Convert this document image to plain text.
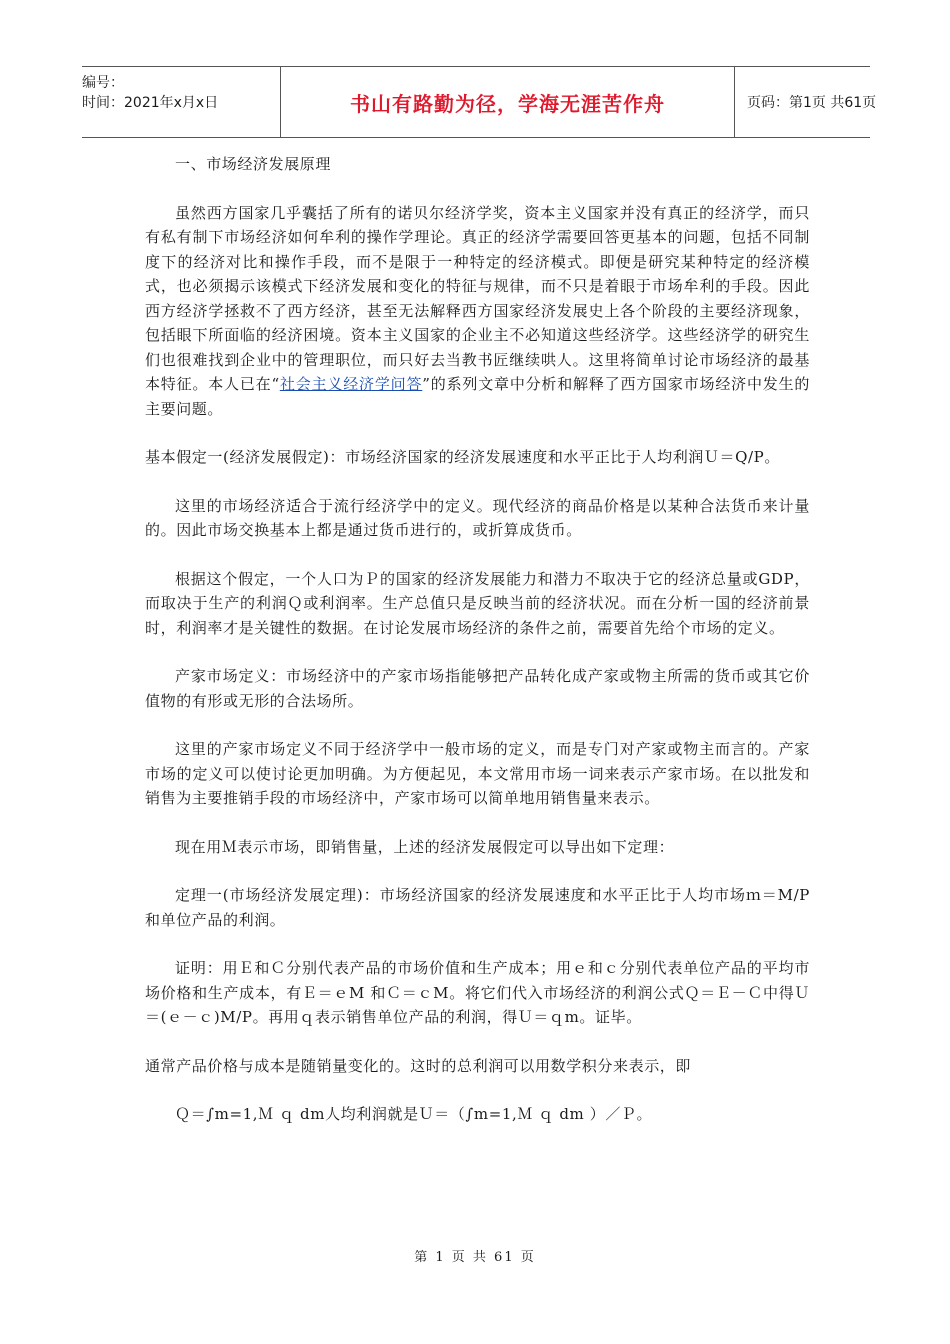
编号：
时间：2021年x月x日	书山有路勤为径，学海无涯苦作舟	页码：第1页 共61页

一、市场经济发展原理

虽然西方国家几乎囊括了所有的诺贝尔经济学奖，资本主义国家并没有真正的经济学，而只有私有制下市场经济如何牟利的操作学理论。真正的经济学需要回答更基本的问题，包括不同制度下的经济对比和操作手段，而不是限于一种特定的经济模式。即便是研究某种特定的经济模式，也必须揭示该模式下经济发展和变化的特征与规律，而不只是着眼于市场牟利的手段。因此西方经济学拯救不了西方经济，甚至无法解释西方国家经济发展史上各个阶段的主要经济现象，包括眼下所面临的经济困境。资本主义国家的企业主不必知道这些经济学。这些经济学的研究生们也很难找到企业中的管理职位，而只好去当教书匠继续哄人。这里将简单讨论市场经济的最基本特征。本人已在“社会主义经济学问答”的系列文章中分析和解释了西方国家市场经济中发生的主要问题。

基本假定一(经济发展假定)：市场经济国家的经济发展速度和水平正比于人均利润Ｕ＝Q/P。

这里的市场经济适合于流行经济学中的定义。现代经济的商品价格是以某种合法货币来计量的。因此市场交换基本上都是通过货币进行的，或折算成货币。

根据这个假定，一个人口为Ｐ的国家的经济发展能力和潜力不取决于它的经济总量或GDP，而取决于生产的利润Ｑ或利润率。生产总值只是反映当前的经济状况。而在分析一国的经济前景时，利润率才是关键性的数据。在讨论发展市场经济的条件之前，需要首先给个市场的定义。

产家市场定义：市场经济中的产家市场指能够把产品转化成产家或物主所需的货币或其它价值物的有形或无形的合法场所。

这里的产家市场定义不同于经济学中一般市场的定义，而是专门对产家或物主而言的。产家市场的定义可以使讨论更加明确。为方便起见，本文常用市场一词来表示产家市场。在以批发和销售为主要推销手段的市场经济中，产家市场可以简单地用销售量来表示。

现在用Ｍ表示市场，即销售量，上述的经济发展假定可以导出如下定理：

定理一(市场经济发展定理)：市场经济国家的经济发展速度和水平正比于人均市场ｍ＝M/P和单位产品的利润。

证明：用Ｅ和Ｃ分别代表产品的市场价值和生产成本；用ｅ和ｃ分别代表单位产品的平均市场价格和生产成本，有Ｅ＝ｅM 和Ｃ＝ｃM。将它们代入市场经济的利润公式Ｑ＝Ｅ－Ｃ中得Ｕ＝(ｅ－ｃ)M/P。再用ｑ表示销售单位产品的利润，得Ｕ＝ｑm。证毕。

通常产品价格与成本是随销量变化的。这时的总利润可以用数学积分来表示，即

Ｑ＝∫m=1,Ｍ ｑ dm人均利润就是Ｕ＝（∫m=1,Ｍ ｑ dm ）／Ｐ。

第 1 页 共 61 页
